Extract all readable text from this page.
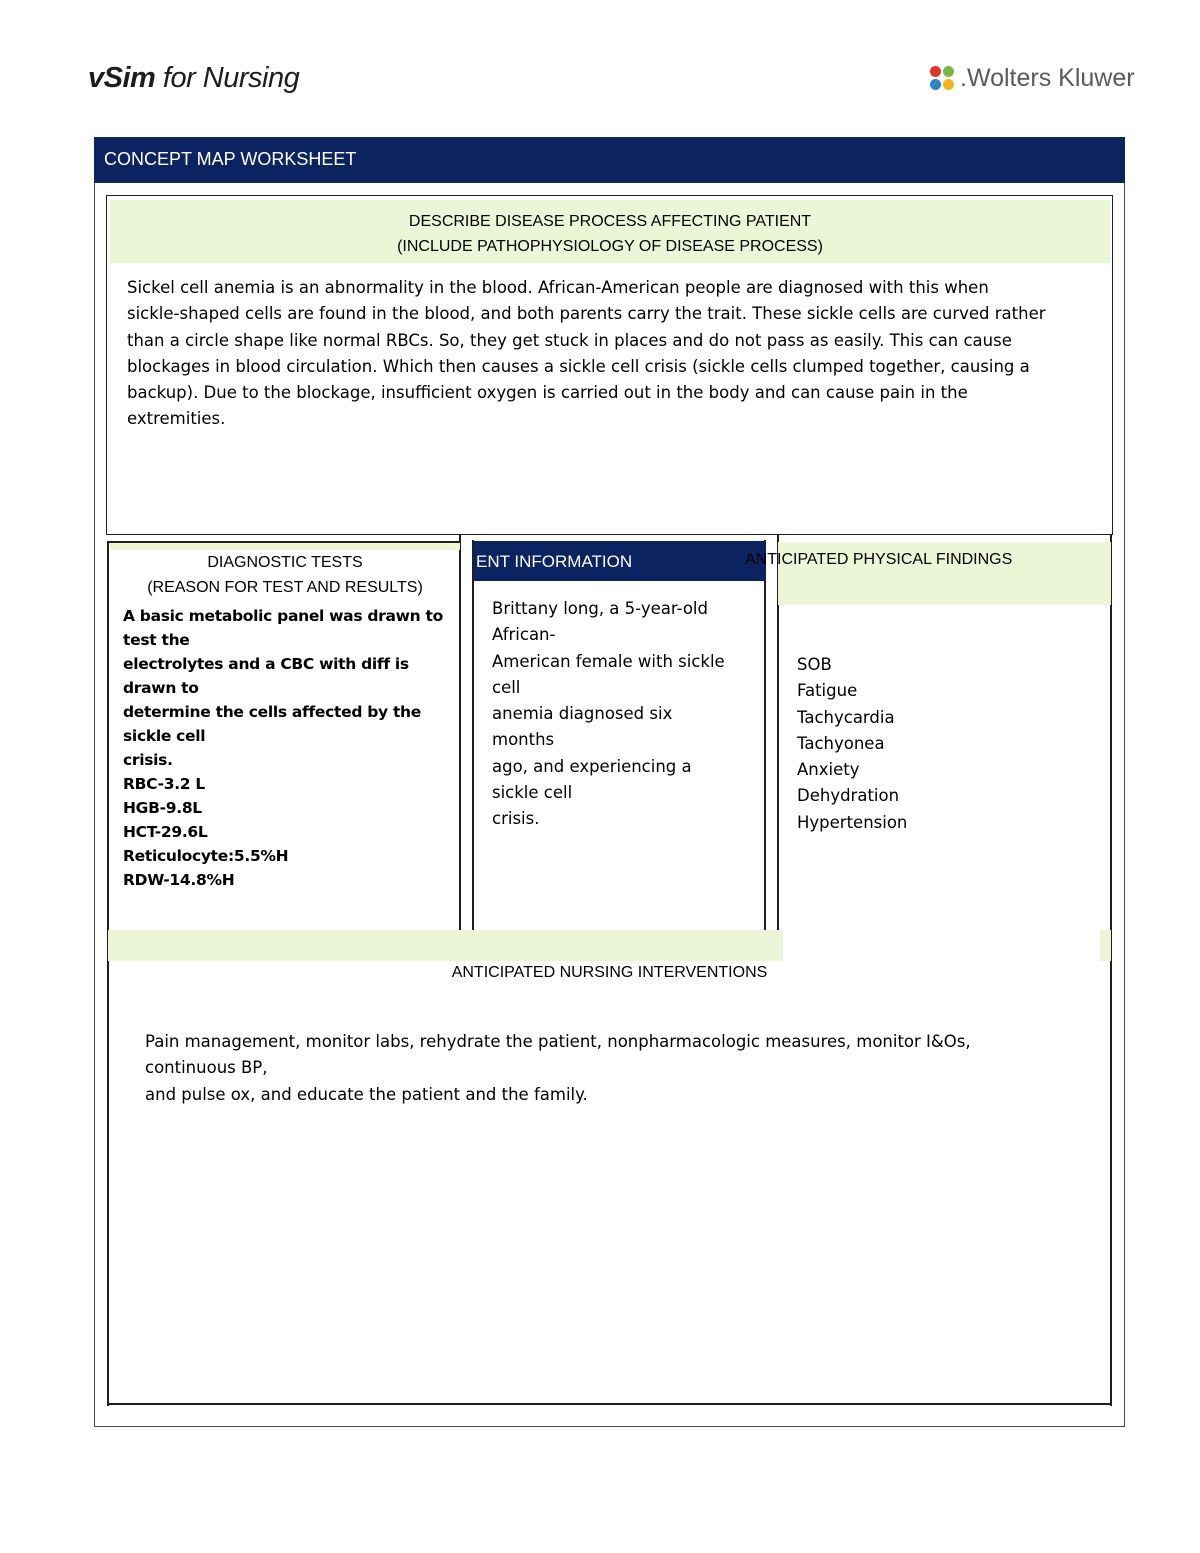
vSim for Nursing	. Wolters Kluwer
CONCEPT MAP WORKSHEET
DESCRIBE DISEASE PROCESS AFFECTING PATIENT
(INCLUDE PATHOPHYSIOLOGY OF DISEASE PROCESS)
Sickel cell anemia is an abnormality in the blood. African-American people are diagnosed with this when
sickle-shaped cells are found in the blood, and both parents carry the trait. These sickle cells are curved rather
than a circle shape like normal RBCs. So, they get stuck in places and do not pass as easily. This can cause
blockages in blood circulation. Which then causes a sickle cell crisis (sickle cells clumped together, causing a
backup). Due to the blockage, insufficient oxygen is carried out in the body and can cause pain in the
extremities.
DIAGNOSTIC TESTS
(REASON FOR TEST AND RESULTS)
A basic metabolic panel was drawn to
test the
electrolytes and a CBC with diff is
drawn to
determine the cells affected by the
sickle cell
crisis.
RBC-3.2 L
HGB-9.8L
HCT-29.6L
Reticulocyte:5.5%H
RDW-14.8%H
ENT INFORMATION
Brittany long, a 5-year-old
African-
American female with sickle
cell
anemia diagnosed six
months
ago, and experiencing a
sickle cell
crisis.
ANTICIPATED PHYSICAL FINDINGS
SOB
Fatigue
Tachycardia
Tachyonea
Anxiety
Dehydration
Hypertension
ANTICIPATED NURSING INTERVENTIONS
Pain management, monitor labs, rehydrate the patient, nonpharmacologic measures, monitor I&Os,
continuous BP,
and pulse ox, and educate the patient and the family.
